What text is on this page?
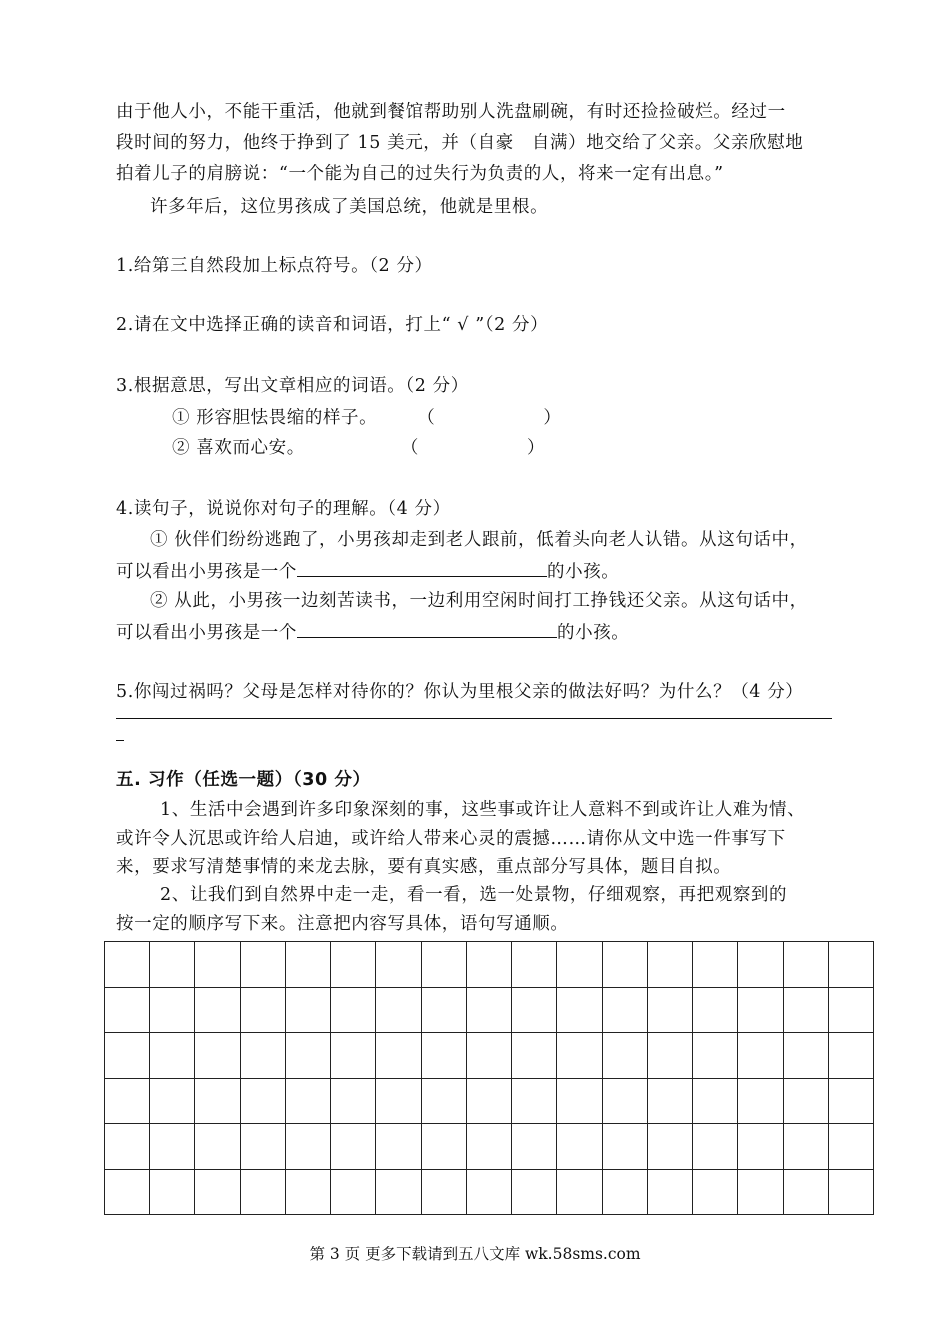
由于他人小，不能干重活，他就到餐馆帮助别人洗盘刷碗，有时还捡捡破烂。经过一
段时间的努力，他终于挣到了 15 美元，并（自豪　自满）地交给了父亲。父亲欣慰地
拍着儿子的肩膀说：“一个能为自己的过失行为负责的人，将来一定有出息。”
许多年后，这位男孩成了美国总统，他就是里根。
1.给第三自然段加上标点符号。（2 分）
2.请在文中选择正确的读音和词语，打上“ √ ”（2 分）
3.根据意思，写出文章相应的词语。（2 分）
① 形容胆怯畏缩的样子。 （	）
② 喜欢而心安。	（	）
4.读句子，说说你对句子的理解。（4 分）
① 伙伴们纷纷逃跑了，小男孩却走到老人跟前，低着头向老人认错。从这句话中，
可以看出小男孩是一个	的小孩。
② 从此，小男孩一边刻苦读书，一边利用空闲时间打工挣钱还父亲。从这句话中，
可以看出小男孩是一个	的小孩。
5.你闯过祸吗？父母是怎样对待你的？你认为里根父亲的做法好吗？为什么？（4 分）
五. 习作（任选一题）（30 分）
1、生活中会遇到许多印象深刻的事，这些事或许让人意料不到或许让人难为情、
或许令人沉思或许给人启迪，或许给人带来心灵的震撼……请你从文中选一件事写下
来，要求写清楚事情的来龙去脉，要有真实感，重点部分写具体，题目自拟。
2、让我们到自然界中走一走，看一看，选一处景物，仔细观察，再把观察到的
按一定的顺序写下来。注意把内容写具体，语句写通顺。

第 3 页 更多下载请到五八文库 wk.58sms.com
